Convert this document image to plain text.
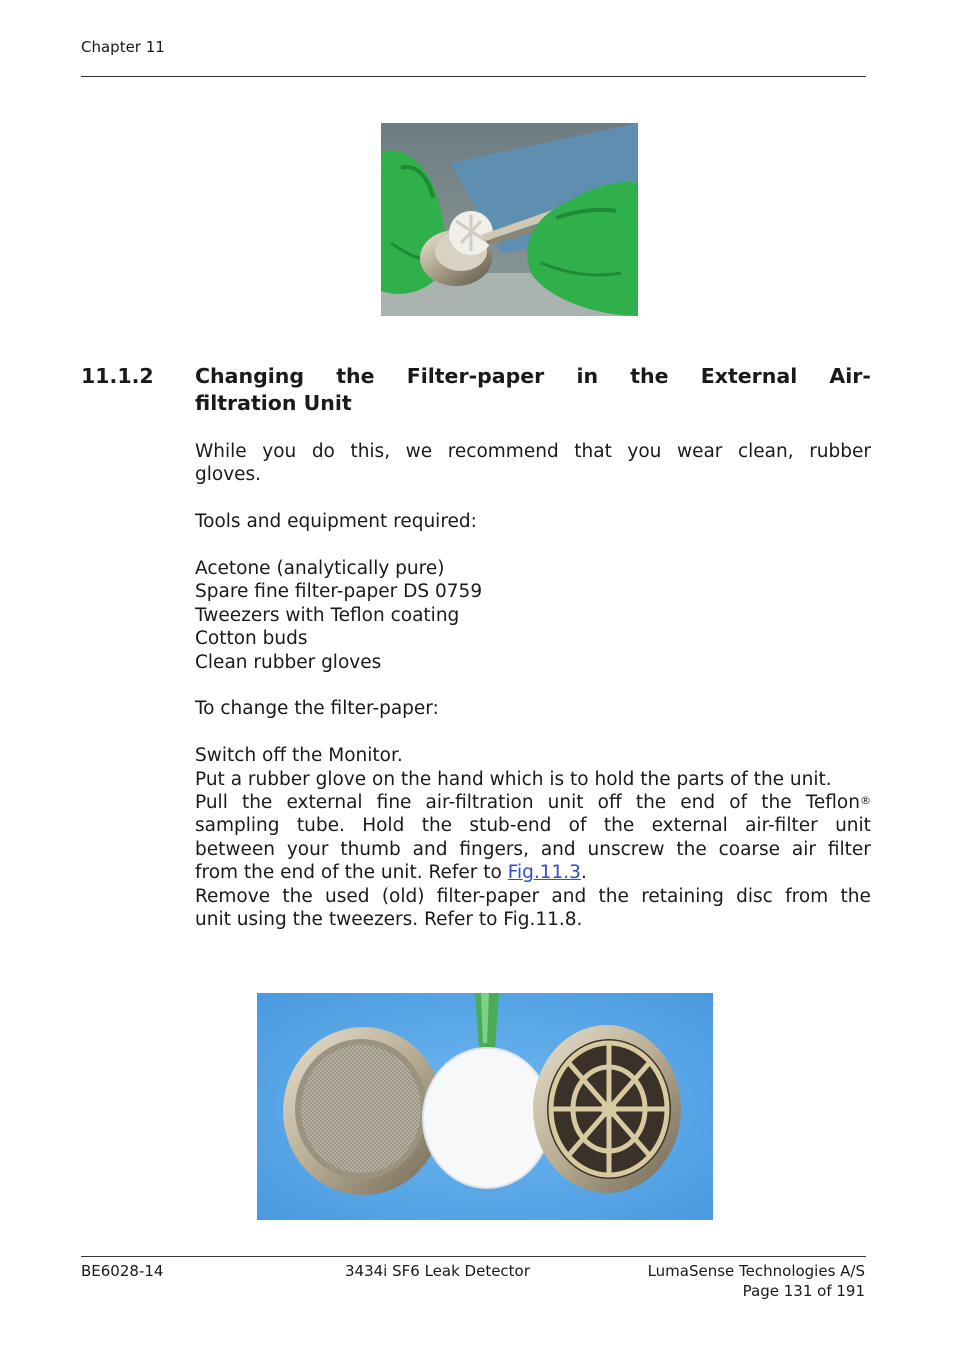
Chapter 11
11.1.2	Changing the Filter-paper in the External Air-
filtration Unit
While you do this, we recommend that you wear clean, rubber
gloves.
Tools and equipment required:
Acetone (analytically pure)
Spare fine filter-paper DS 0759
Tweezers with Teflon coating
Cotton buds
Clean rubber gloves
To change the filter-paper:
Switch off the Monitor.
Put a rubber glove on the hand which is to hold the parts of the unit.
Pull the external fine air-filtration unit off the end of the Teflon®
sampling tube. Hold the stub-end of the external air-filter unit
between your thumb and fingers, and unscrew the coarse air filter
from the end of the unit. Refer to Fig.11.3.
Remove the used (old) filter-paper and the retaining disc from the
unit using the tweezers. Refer to Fig.11.8.
BE6028-14	3434i SF6 Leak Detector	LumaSense Technologies A/S
Page 131 of 191
